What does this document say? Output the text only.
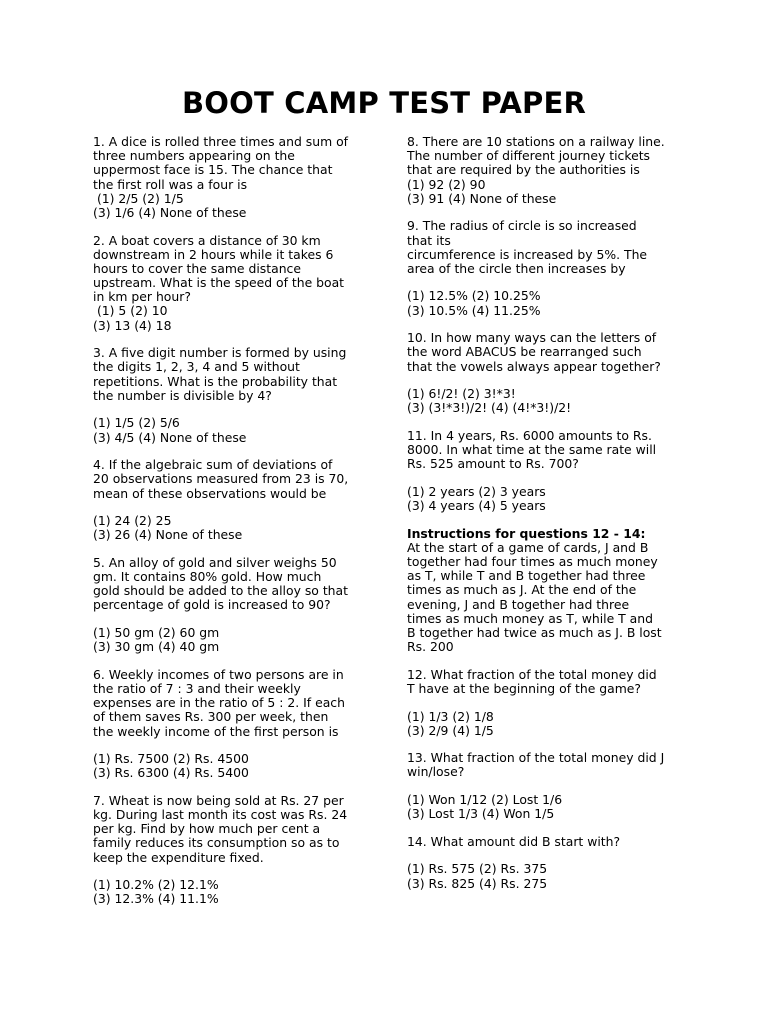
BOOT CAMP TEST PAPER
1. A dice is rolled three times and sum of
three numbers appearing on the
uppermost face is 15. The chance that
the first roll was a four is
(1) 2/5 (2) 1/5
(3) 1/6 (4) None of these
2. A boat covers a distance of 30 km
downstream in 2 hours while it takes 6
hours to cover the same distance
upstream. What is the speed of the boat
in km per hour?
(1) 5 (2) 10
(3) 13 (4) 18
3. A five digit number is formed by using
the digits 1, 2, 3, 4 and 5 without
repetitions. What is the probability that
the number is divisible by 4?
(1) 1/5 (2) 5/6
(3) 4/5 (4) None of these
4. If the algebraic sum of deviations of
20 observations measured from 23 is 70,
mean of these observations would be
(1) 24 (2) 25
(3) 26 (4) None of these
5. An alloy of gold and silver weighs 50
gm. It contains 80% gold. How much
gold should be added to the alloy so that
percentage of gold is increased to 90?
(1) 50 gm (2) 60 gm
(3) 30 gm (4) 40 gm
6. Weekly incomes of two persons are in
the ratio of 7 : 3 and their weekly
expenses are in the ratio of 5 : 2. If each
of them saves Rs. 300 per week, then
the weekly income of the first person is
(1) Rs. 7500 (2) Rs. 4500
(3) Rs. 6300 (4) Rs. 5400
7. Wheat is now being sold at Rs. 27 per
kg. During last month its cost was Rs. 24
per kg. Find by how much per cent a
family reduces its consumption so as to
keep the expenditure fixed.
(1) 10.2% (2) 12.1%
(3) 12.3% (4) 11.1%
8. There are 10 stations on a railway line.
The number of different journey tickets
that are required by the authorities is
(1) 92 (2) 90
(3) 91 (4) None of these
9. The radius of circle is so increased
that its
circumference is increased by 5%. The
area of the circle then increases by
(1) 12.5% (2) 10.25%
(3) 10.5% (4) 11.25%
10. In how many ways can the letters of
the word ABACUS be rearranged such
that the vowels always appear together?
(1) 6!/2! (2) 3!*3!
(3) (3!*3!)/2! (4) (4!*3!)/2!
11. In 4 years, Rs. 6000 amounts to Rs.
8000. In what time at the same rate will
Rs. 525 amount to Rs. 700?
(1) 2 years (2) 3 years
(3) 4 years (4) 5 years
Instructions for questions 12 - 14:
At the start of a game of cards, J and B
together had four times as much money
as T, while T and B together had three
times as much as J. At the end of the
evening, J and B together had three
times as much money as T, while T and
B together had twice as much as J. B lost
Rs. 200
12. What fraction of the total money did
T have at the beginning of the game?
(1) 1/3 (2) 1/8
(3) 2/9 (4) 1/5
13. What fraction of the total money did J
win/lose?
(1) Won 1/12 (2) Lost 1/6
(3) Lost 1/3 (4) Won 1/5
14. What amount did B start with?
(1) Rs. 575 (2) Rs. 375
(3) Rs. 825 (4) Rs. 275
